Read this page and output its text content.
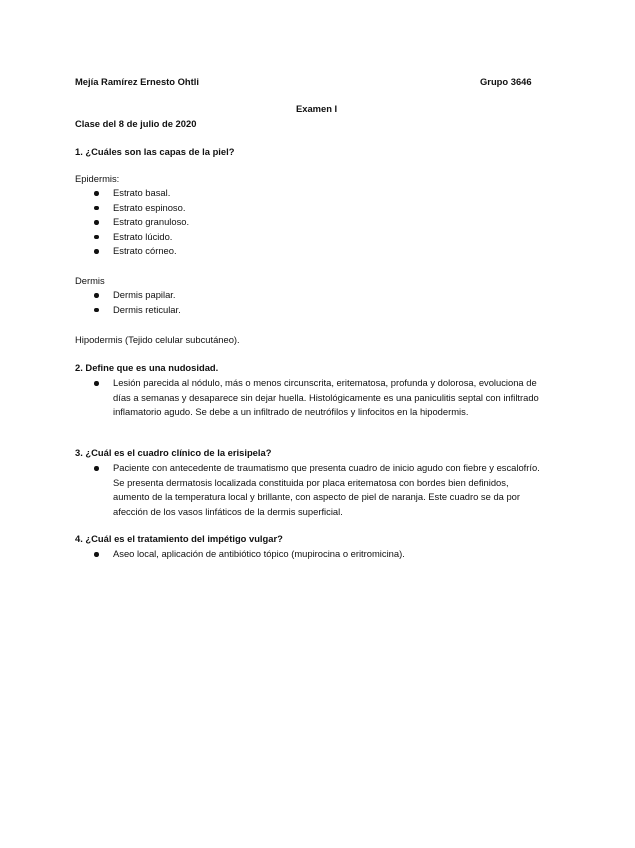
Mejía Ramírez Ernesto Ohtli	Grupo 3646
Examen I
Clase del 8 de julio de 2020
1. ¿Cuáles son las capas de la piel?
Epidermis:
Estrato basal.
Estrato espinoso.
Estrato granuloso.
Estrato lúcido.
Estrato córneo.
Dermis
Dermis papilar.
Dermis reticular.
Hipodermis (Tejido celular subcutáneo).
2. Define que es una nudosidad.
Lesión parecida al nódulo, más o menos circunscrita, eritematosa, profunda y dolorosa, evoluciona de días a semanas y desaparece sin dejar huella. Histológicamente es una paniculitis septal con infiltrado inflamatorio agudo. Se debe a un infiltrado de neutrófilos y linfocitos en la hipodermis.
3. ¿Cuál es el cuadro clínico de la erisipela?
Paciente con antecedente de traumatismo que presenta cuadro de inicio agudo con fiebre y escalofrío. Se presenta dermatosis localizada constituida por placa eritematosa con bordes bien definidos, aumento de la temperatura local y brillante, con aspecto de piel de naranja. Este cuadro se da por afección de los vasos linfáticos de la dermis superficial.
4. ¿Cuál es el tratamiento del impétigo vulgar?
Aseo local, aplicación de antibiótico tópico (mupirocina o eritromicina).
